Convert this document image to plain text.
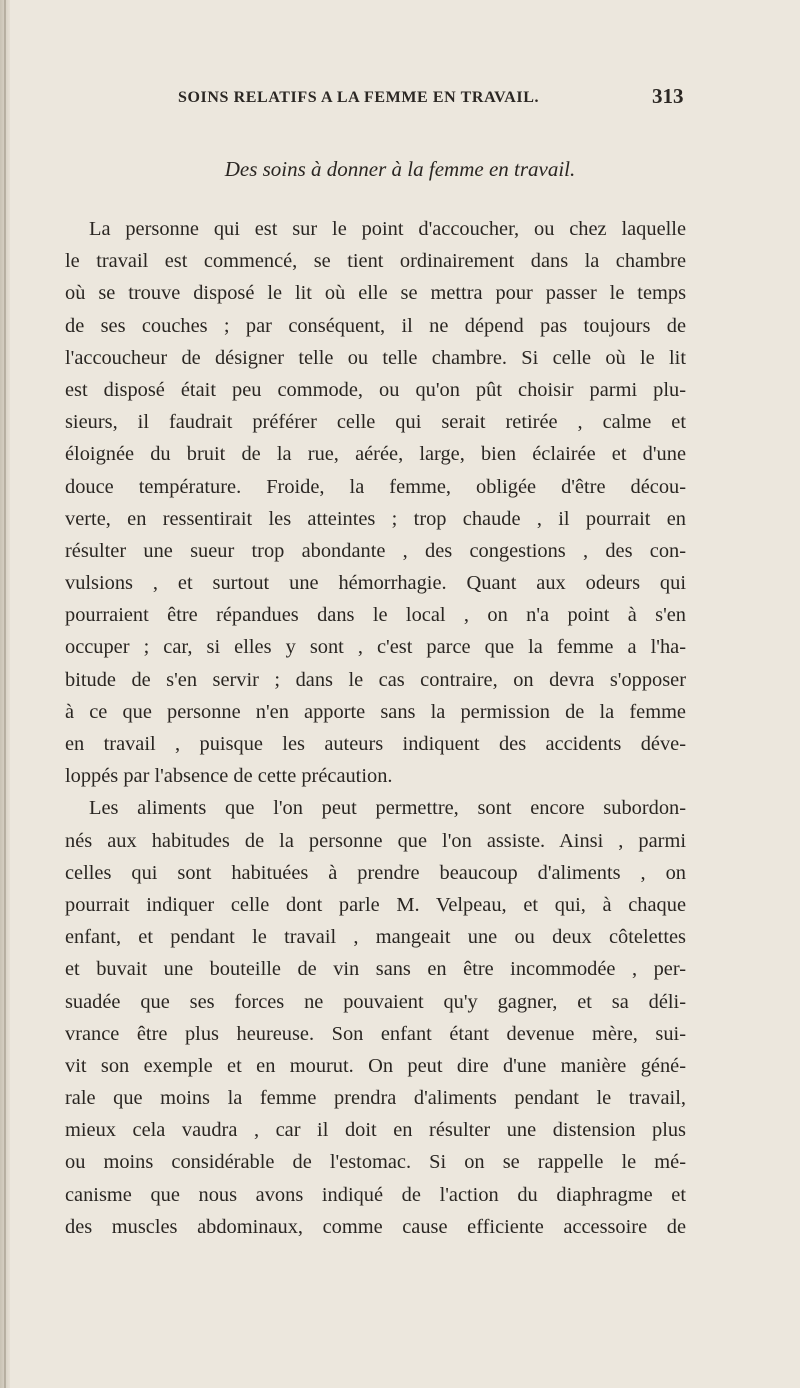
SOINS RELATIFS A LA FEMME EN TRAVAIL.	313
Des soins à donner à la femme en travail.
La personne qui est sur le point d'accoucher, ou chez laquelle
le travail est commencé, se tient ordinairement dans la chambre
où se trouve disposé le lit où elle se mettra pour passer le temps
de ses couches ; par conséquent, il ne dépend pas toujours de
l'accoucheur de désigner telle ou telle chambre. Si celle où le lit
est disposé était peu commode, ou qu'on pût choisir parmi plu-
sieurs, il faudrait préférer celle qui serait retirée , calme et
éloignée du bruit de la rue, aérée, large, bien éclairée et d'une
douce température. Froide, la femme, obligée d'être décou-
verte, en ressentirait les atteintes ; trop chaude , il pourrait en
résulter une sueur trop abondante , des congestions , des con-
vulsions , et surtout une hémorrhagie. Quant aux odeurs qui
pourraient être répandues dans le local , on n'a point à s'en
occuper ; car, si elles y sont , c'est parce que la femme a l'ha-
bitude de s'en servir ; dans le cas contraire, on devra s'opposer
à ce que personne n'en apporte sans la permission de la femme
en travail , puisque les auteurs indiquent des accidents déve-
loppés par l'absence de cette précaution.
Les aliments que l'on peut permettre, sont encore subordon-
nés aux habitudes de la personne que l'on assiste. Ainsi , parmi
celles qui sont habituées à prendre beaucoup d'aliments , on
pourrait indiquer celle dont parle M. Velpeau, et qui, à chaque
enfant, et pendant le travail , mangeait une ou deux côtelettes
et buvait une bouteille de vin sans en être incommodée , per-
suadée que ses forces ne pouvaient qu'y gagner, et sa déli-
vrance être plus heureuse. Son enfant étant devenue mère, sui-
vit son exemple et en mourut. On peut dire d'une manière géné-
rale que moins la femme prendra d'aliments pendant le travail,
mieux cela vaudra , car il doit en résulter une distension plus
ou moins considérable de l'estomac. Si on se rappelle le mé-
canisme que nous avons indiqué de l'action du diaphragme et
des muscles abdominaux, comme cause efficiente accessoire de
